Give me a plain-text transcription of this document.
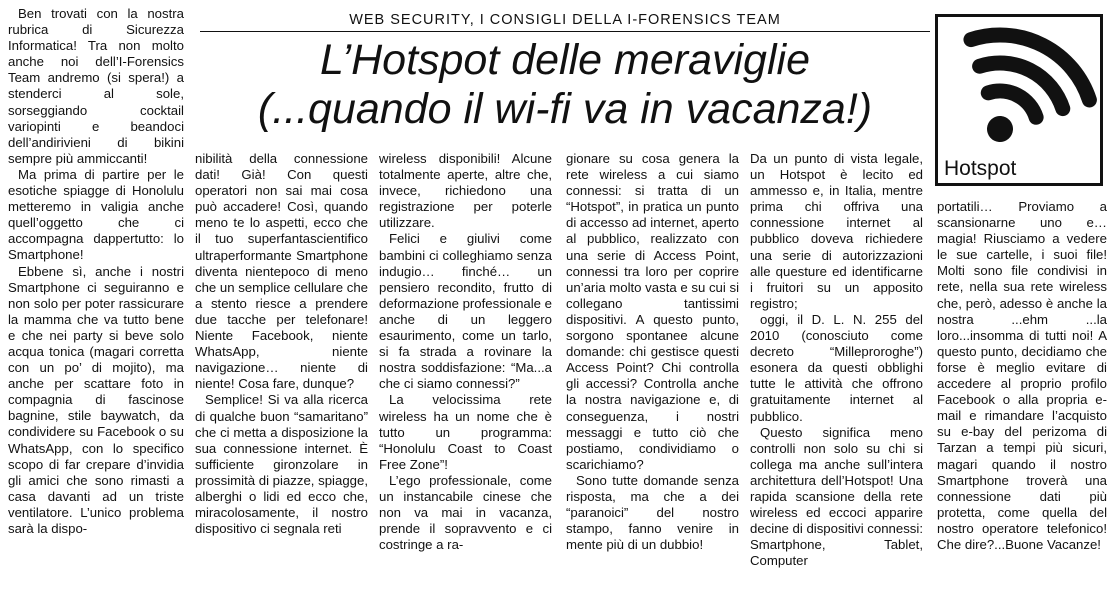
WEB SECURITY, I CONSIGLI DELLA I-FORENSICS TEAM
L’Hotspot delle meraviglie
(...quando il wi-fi va in vacanza!)
Hotspot

Ben trovati con la nostra rubrica di Sicurezza Informatica! Tra non molto anche noi dell’I-Forensics Team andremo (si spera!) a stenderci al sole, sorseggiando cocktail variopinti e beandoci dell’andirivieni di bikini sempre più ammiccanti!

Ma prima di partire per le esotiche spiagge di Honolulu metteremo in valigia anche quell’oggetto che ci accompagna dappertutto: lo Smartphone!

Ebbene sì, anche i nostri Smartphone ci seguiranno e non solo per poter rassicurare la mamma che va tutto bene e che nei party si beve solo acqua tonica (magari corretta con un po’ di mojito), ma anche per scattare foto in compagnia di fascinose bagnine, stile baywatch, da condividere su Facebook o su WhatsApp, con lo specifico scopo di far crepare d’invidia gli amici che sono rimasti a casa davanti ad un triste ventilatore. L’unico problema sarà la dispo-

nibilità della connessione dati! Già! Con questi operatori non sai mai cosa può accadere! Così, quando meno te lo aspetti, ecco che il tuo superfantascientifico ultraperformante Smartphone diventa nientepoco di meno che un semplice cellulare che a stento riesce a prendere due tacche per telefonare! Niente Facebook, niente WhatsApp, niente navigazione… niente di niente! Cosa fare, dunque?

Semplice! Si va alla ricerca di qualche buon “samaritano” che ci metta a disposizione la sua connessione internet. È sufficiente gironzolare in prossimità di piazze, spiagge, alberghi o lidi ed ecco che, miracolosamente, il nostro dispositivo ci segnala reti

wireless disponibili! Alcune totalmente aperte, altre che, invece, richiedono una registrazione per poterle utilizzare.

Felici e giulivi come bambini ci colleghiamo senza indugio… finché… un pensiero recondito, frutto di deformazione professionale e anche di un leggero esaurimento, come un tarlo, si fa strada a rovinare la nostra soddisfazione: “Ma...a che ci siamo connessi?”

La velocissima rete wireless ha un nome che è tutto un programma: “Honolulu Coast to Coast Free Zone”!

L’ego professionale, come un instancabile cinese che non va mai in vacanza, prende il sopravvento e ci costringe a ra-

gionare su cosa genera la rete wireless a cui siamo connessi: si tratta di un “Hotspot”, in pratica un punto di accesso ad internet, aperto al pubblico, realizzato con una serie di Access Point, connessi tra loro per coprire un’aria molto vasta e su cui si collegano tantissimi dispositivi. A questo punto, sorgono spontanee alcune domande: chi gestisce questi Access Point? Chi controlla gli accessi? Controlla anche la nostra navigazione e, di conseguenza, i nostri messaggi e tutto ciò che postiamo, condividiamo o scarichiamo?

Sono tutte domande senza risposta, ma che a dei “paranoici” del nostro stampo, fanno venire in mente più di un dubbio!

Da un punto di vista legale, un Hotspot è lecito ed ammesso e, in Italia, mentre prima chi offriva una connessione internet al pubblico doveva richiedere una serie di autorizzazioni alle questure ed identificarne i fruitori su un apposito registro;

oggi, il D. L. N. 255 del 2010 (conosciuto come decreto “Milleproroghe”) esonera da questi obblighi tutte le attività che offrono gratuitamente internet al pubblico.

Questo significa meno controlli non solo su chi si collega ma anche sull’intera architettura dell’Hotspot! Una rapida scansione della rete wireless ed eccoci apparire decine di dispositivi connessi: Smartphone, Tablet, Computer

portatili… Proviamo a scansionarne uno e… magia! Riusciamo a vedere le sue cartelle, i suoi file! Molti sono file condivisi in rete, nella sua rete wireless che, però, adesso è anche la nostra ...ehm ...la loro...insomma di tutti noi! A questo punto, decidiamo che forse è meglio evitare di accedere al proprio profilo Facebook o alla propria e-mail e rimandare l’acquisto su e-bay del perizoma di Tarzan a tempi più sicuri, magari quando il nostro Smartphone troverà una connessione dati più protetta, come quella del nostro operatore telefonico! Che dire?...Buone Vacanze!
